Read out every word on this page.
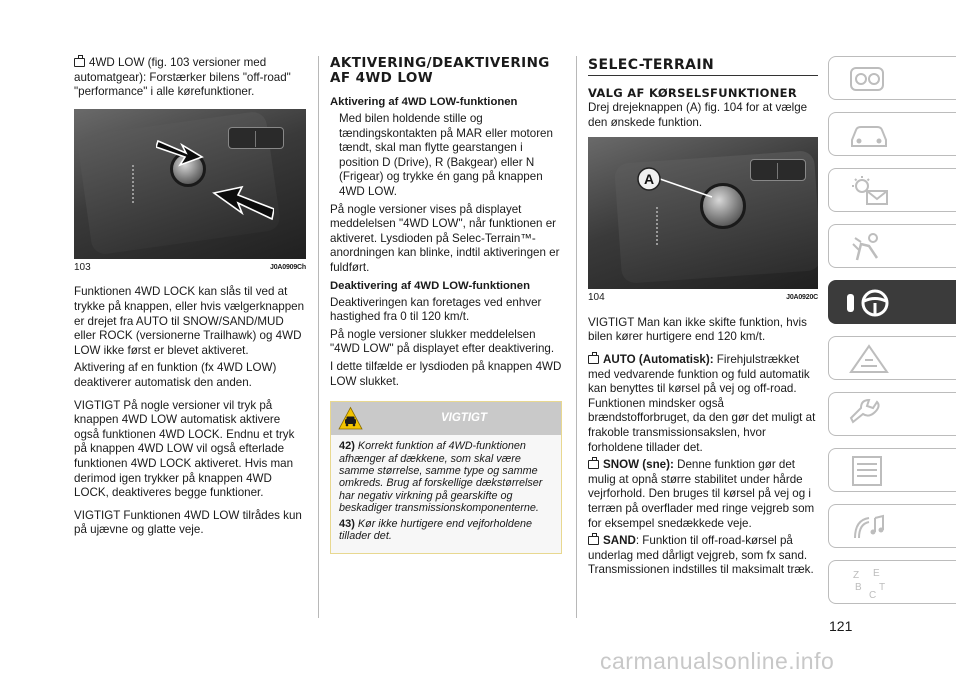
4WD LOW (fig. 103 versioner med automatgear): Forstærker bilens "off-road" "performance" i alle kørefunktioner.

103	J0A0909Ch

Funktionen 4WD LOCK kan slås til ved at trykke på knappen, eller hvis vælgerknappen er drejet fra AUTO til SNOW/SAND/MUD eller ROCK (versionerne Trailhawk) og 4WD LOW ikke først er blevet aktiveret.

Aktivering af en funktion (fx 4WD LOW) deaktiverer automatisk den anden.

VIGTIGT På nogle versioner vil tryk på knappen 4WD LOW automatisk aktivere også funktionen 4WD LOCK. Endnu et tryk på knappen 4WD LOW vil også efterlade funktionen 4WD LOCK aktiveret. Hvis man derimod igen trykker på knappen 4WD LOCK, deaktiveres begge funktioner.

VIGTIGT Funktionen 4WD LOW tilrådes kun på ujævne og glatte veje.

AKTIVERING/DEAKTIVERING AF 4WD LOW
Aktivering af 4WD LOW-funktionen

Med bilen holdende stille og tændingskontakten på MAR eller motoren tændt, skal man flytte gearstangen i position D (Drive), R (Bakgear) eller N (Frigear) og trykke én gang på knappen 4WD LOW.

På nogle versioner vises på displayet meddelelsen "4WD LOW", når funktionen er aktiveret. Lysdioden på Selec-Terrain™-anordningen kan blinke, indtil aktiveringen er fuldført.

Deaktivering af 4WD LOW-funktionen

Deaktiveringen kan foretages ved enhver hastighed fra 0 til 120 km/t.

På nogle versioner slukker meddelelsen "4WD LOW" på displayet efter deaktivering.

I dette tilfælde er lysdioden på knappen 4WD LOW slukket.

VIGTIGT

42) Korrekt funktion af 4WD-funktionen afhænger af dækkene, som skal være samme størrelse, samme type og samme omkreds. Brug af forskellige dækstørrelser har negativ virkning på gearskifte og beskadiger transmissionskomponenterne.

43) Kør ikke hurtigere end vejforholdene tillader det.

SELEC-TERRAIN
VALG AF KØRSELSFUNKTIONER

Drej drejeknappen (A) fig. 104 for at vælge den ønskede funktion.

A
104	J0A0920C

VIGTIGT Man kan ikke skifte funktion, hvis bilen kører hurtigere end 120 km/t.

AUTO (Automatisk): Firehjulstrækket med vedvarende funktion og fuld automatik kan benyttes til kørsel på vej og off-road. Funktionen mindsker også brændstofforbruget, da den gør det muligt at frakoble transmissionsakslen, hvor forholdene tillader det.

SNOW (sne): Denne funktion gør det mulig at opnå større stabilitet under hårde vejrforhold. Den bruges til kørsel på vej og i terræn på overflader med ringe vejgreb som for eksempel snedækkede veje.

SAND: Funktion til off-road-kørsel på underlag med dårligt vejgreb, som fx sand. Transmissionen indstilles til maksimalt træk.	Z E
B
C
T
121
carmanualsonline.info
